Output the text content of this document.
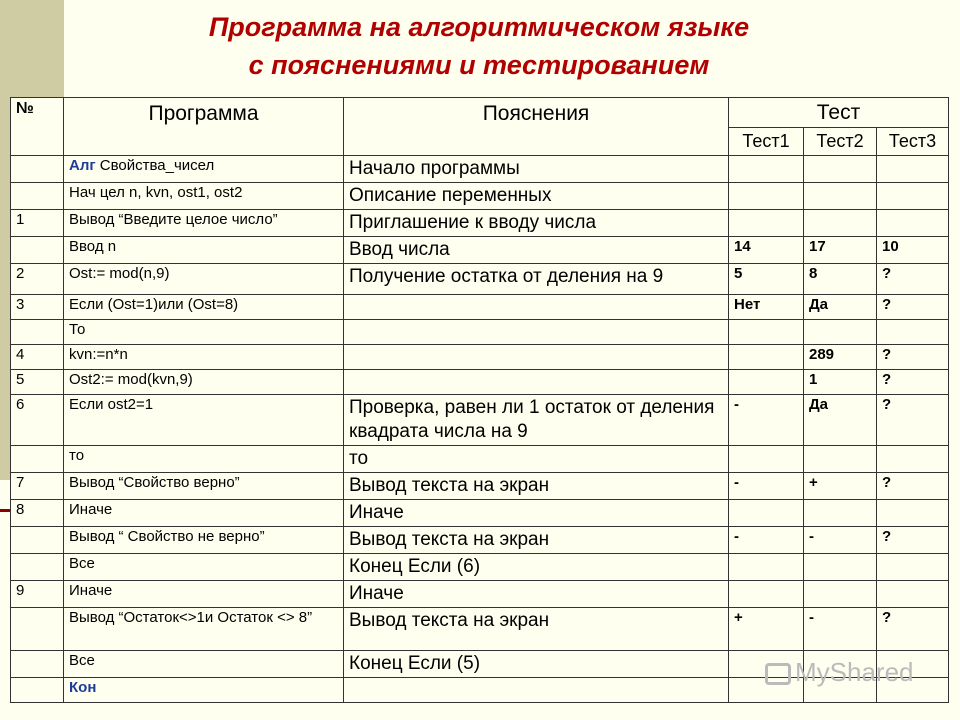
Программа на алгоритмическом языке
с пояснениями и тестированием
№	Программа	Пояснения	Тест		
			Тест1	Тест2	Тест3
	Алг Свойства_чисел	Начало программы			
	Нач цел n, kvn, ost1, ost2	Описание переменных			
1	Вывод “Введите целое число”	Приглашение к вводу числа			
	Ввод n	Ввод числа	14	17	10
2	Ost:= mod(n,9)	Получение остатка от деления на 9	5	8	?
3	Если (Ost=1)или (Ost=8)		Нет	Да	?
	То				
4	kvn:=n*n			289	?
5	Ost2:= mod(kvn,9)			1	?
6	Если ost2=1	Проверка, равен ли 1 остаток от деления квадрата числа на 9	-	Да	?
	то	то			
7	Вывод “Свойство верно”	Вывод текста на экран	-	+	?
8	Иначе	Иначе			
	Вывод “ Свойство не верно”	Вывод текста на экран	-	-	?
	Все	Конец Если (6)			
9	Иначе	Иначе			
	Вывод “Остаток<>1и Остаток <> 8”	Вывод текста на экран	+	-	?
	Все	Конец Если (5)			
	Кон				
MyShared
